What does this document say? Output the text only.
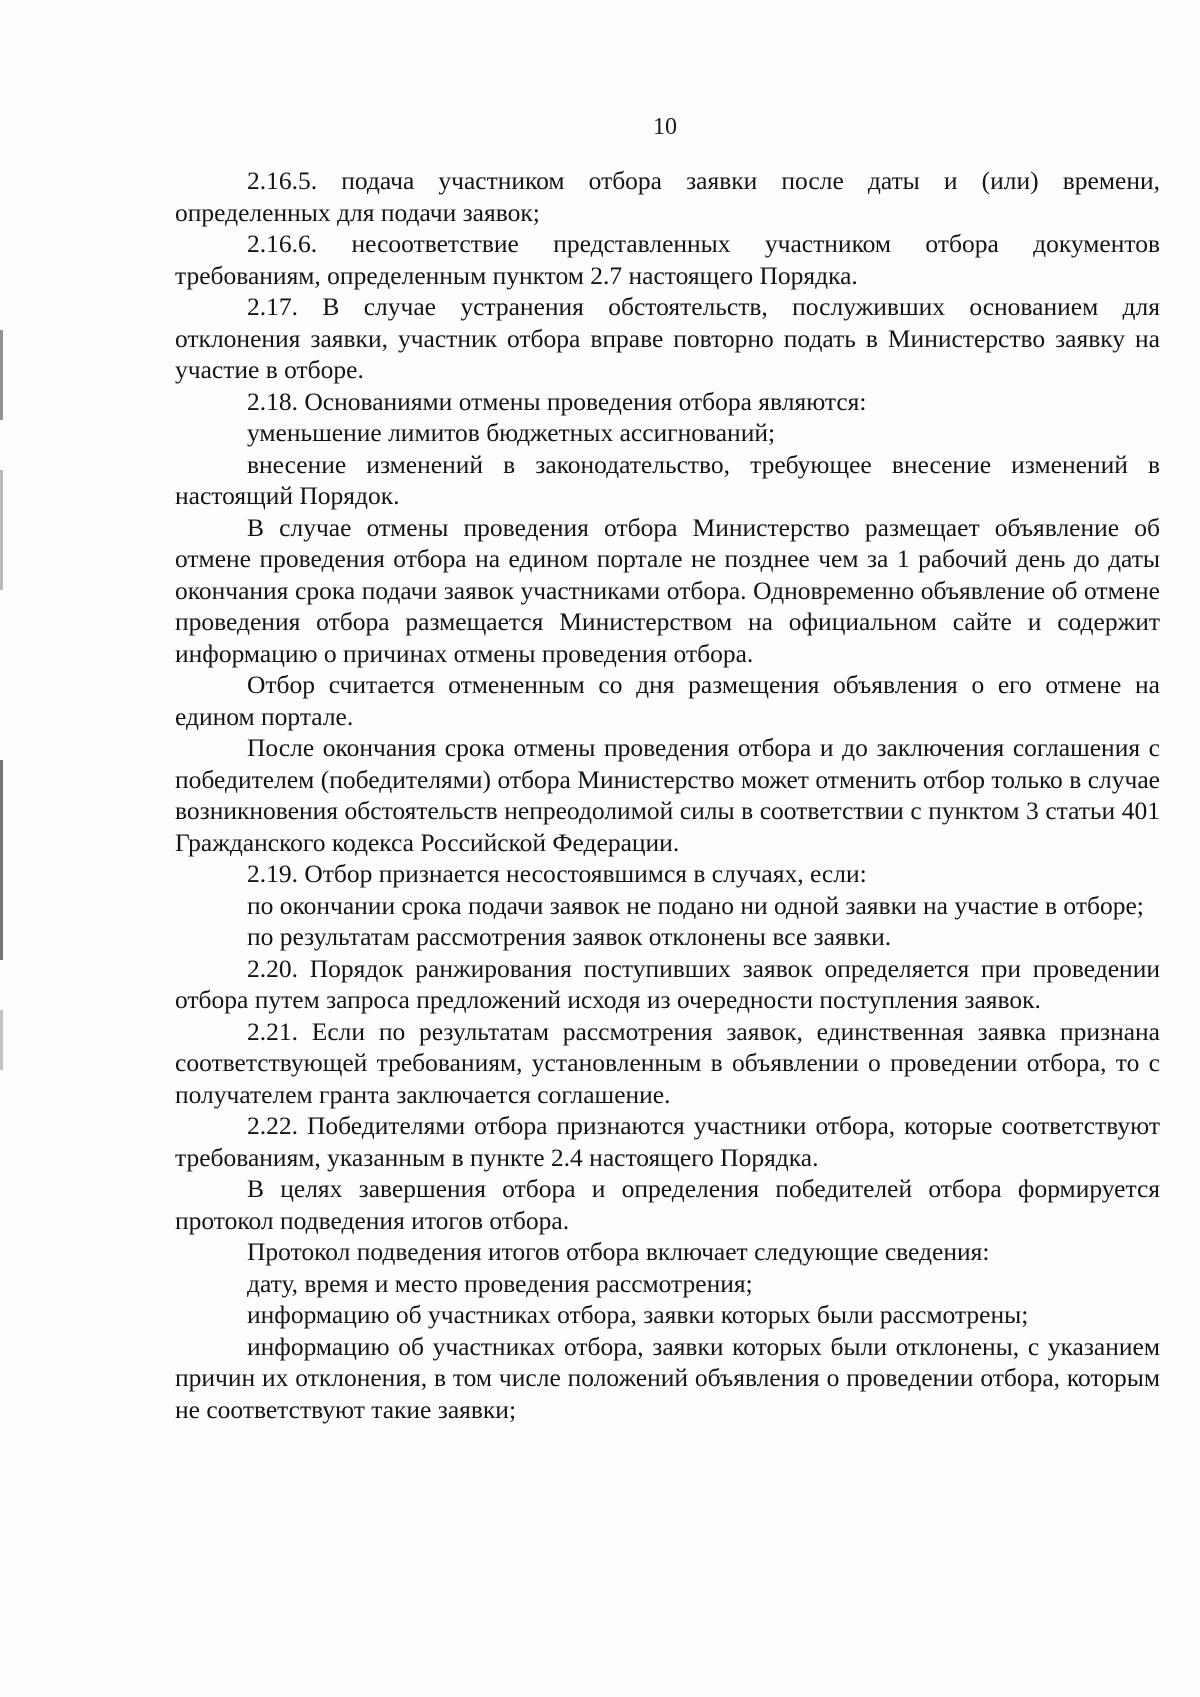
10

2.16.5. подача участником отбора заявки после даты и (или) времени, определенных для подачи заявок;

2.16.6. несоответствие представленных участником отбора документов требованиям, определенным пунктом 2.7 настоящего Порядка.

2.17. В случае устранения обстоятельств, послуживших основанием для отклонения заявки, участник отбора вправе повторно подать в Министерство заявку на участие в отборе.

2.18. Основаниями отмены проведения отбора являются:

уменьшение лимитов бюджетных ассигнований;

внесение изменений в законодательство, требующее внесение изменений в настоящий Порядок.

В случае отмены проведения отбора Министерство размещает объявление об отмене проведения отбора на едином портале не позднее чем за 1 рабочий день до даты окончания срока подачи заявок участниками отбора. Одновременно объявление об отмене проведения отбора размещается Министерством на официальном сайте и содержит информацию о причинах отмены проведения отбора.

Отбор считается отмененным со дня размещения объявления о его отмене на едином портале.

После окончания срока отмены проведения отбора и до заключения соглашения с победителем (победителями) отбора Министерство может отменить отбор только в случае возникновения обстоятельств непреодолимой силы в соответствии с пунктом 3 статьи 401 Гражданского кодекса Российской Федерации.

2.19. Отбор признается несостоявшимся в случаях, если:

по окончании срока подачи заявок не подано ни одной заявки на участие в отборе;

по результатам рассмотрения заявок отклонены все заявки.

2.20. Порядок ранжирования поступивших заявок определяется при проведении отбора путем запроса предложений исходя из очередности поступления заявок.

2.21. Если по результатам рассмотрения заявок, единственная заявка признана соответствующей требованиям, установленным в объявлении о проведении отбора, то с получателем гранта заключается соглашение.

2.22. Победителями отбора признаются участники отбора, которые соответствуют требованиям, указанным в пункте 2.4 настоящего Порядка.

В целях завершения отбора и определения победителей отбора формируется протокол подведения итогов отбора.

Протокол подведения итогов отбора включает следующие сведения:

дату, время и место проведения рассмотрения;

информацию об участниках отбора, заявки которых были рассмотрены;

информацию об участниках отбора, заявки которых были отклонены, с указанием причин их отклонения, в том числе положений объявления о проведении отбора, которым не соответствуют такие заявки;
